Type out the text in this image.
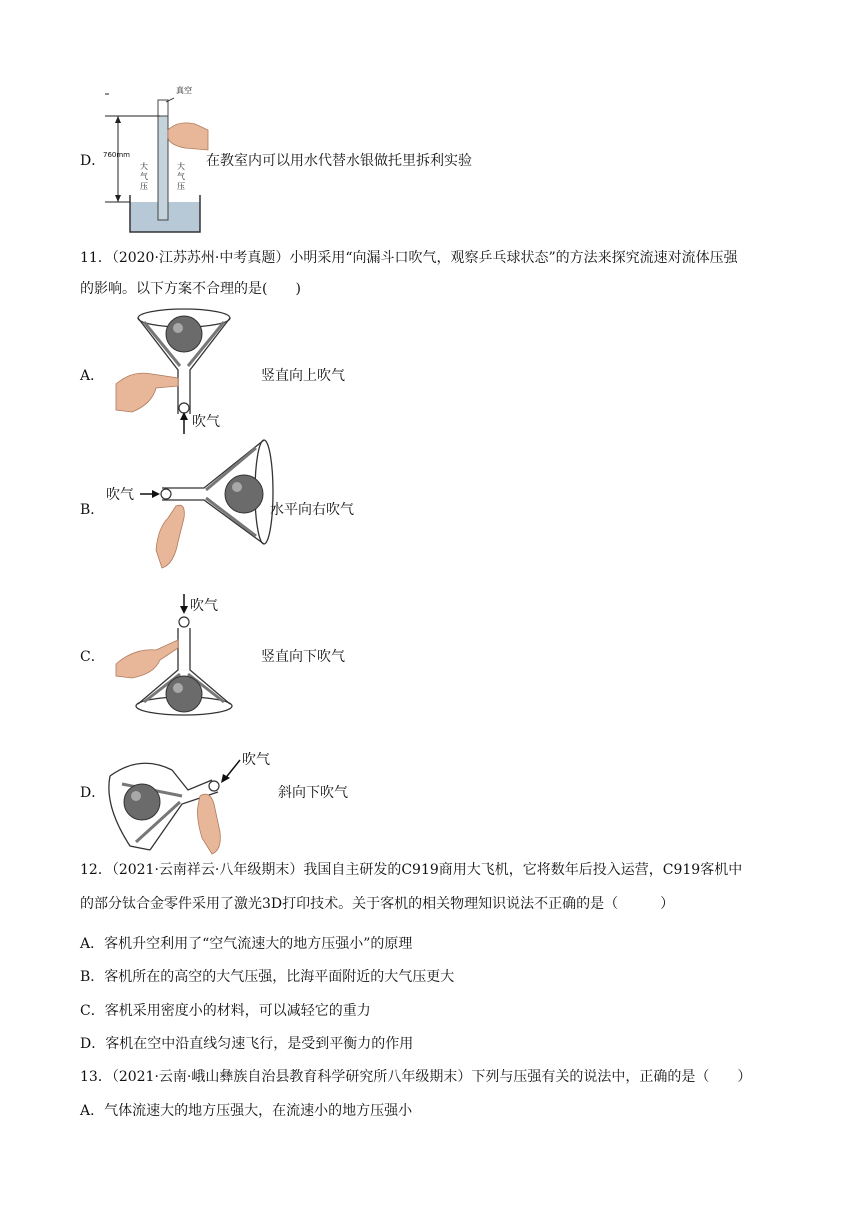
真空
760mm
大
气
压
大
气
压
D．	在教室内可以用水代替水银做托里拆利实验
11．（2020·江苏苏州·中考真题）小明采用“向漏斗口吹气，观察乒乓球状态”的方法来探究流速对流体压强
的影响。以下方案不合理的是(　　)
吹气
A．	竖直向上吹气
吹气
B．	水平向右吹气
吹气
C．	竖直向下吹气
吹气
D．	斜向下吹气
12．（2021·云南祥云·八年级期末）我国自主研发的C919商用大飞机，它将数年后投入运营，C919客机中
的部分钛合金零件采用了激光3D打印技术。关于客机的相关物理知识说法不正确的是（　　　）
A．客机升空利用了“空气流速大的地方压强小”的原理
B．客机所在的高空的大气压强，比海平面附近的大气压更大
C．客机采用密度小的材料，可以减轻它的重力
D．客机在空中沿直线匀速飞行，是受到平衡力的作用
13．（2021·云南·峨山彝族自治县教育科学研究所八年级期末）下列与压强有关的说法中，正确的是（　　）
A．气体流速大的地方压强大，在流速小的地方压强小
